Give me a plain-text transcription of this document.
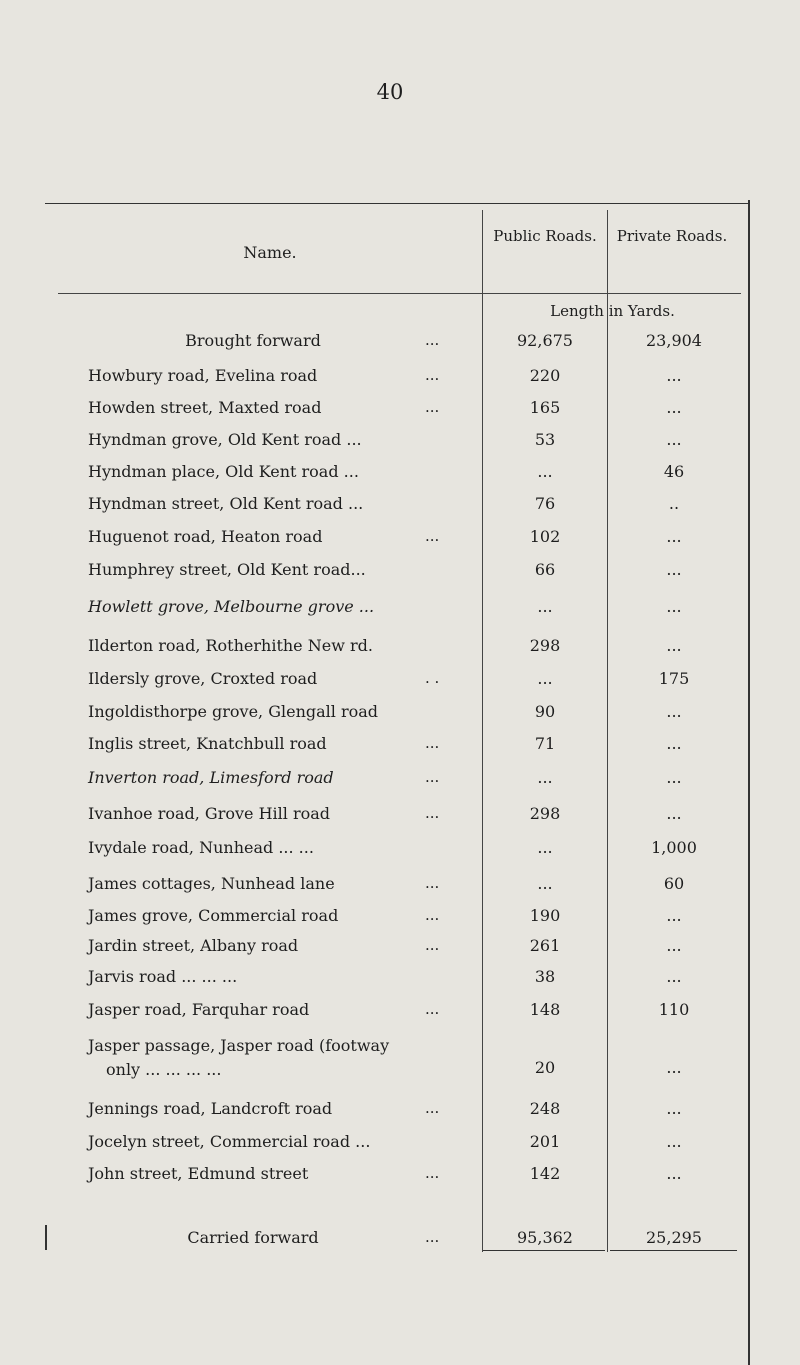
40
Name.
Public Roads.	Private Roads.
Length in Yards.
Brought forward	...	92,675	23,904
Howbury road, Evelina road	...	220	...
Howden street, Maxted road	...	165	...
Hyndman grove, Old Kent road ...	53	...
Hyndman place, Old Kent road ...	...	46
Hyndman street, Old Kent road ...	76	..
Huguenot road, Heaton road	...	102	...
Humphrey street, Old Kent road...	66	...
Howlett grove, Melbourne grove ...	...	...
Ilderton road, Rotherhithe New rd.	298	...
Ildersly grove, Croxted road	. .	...	175
Ingoldisthorpe grove, Glengall road	90	...
Inglis street, Knatchbull road	...	71	...
Inverton road, Limesford road	...	...	...
Ivanhoe road, Grove Hill road	...	298	...
Ivydale road, Nunhead ... ...	...	1,000
James cottages, Nunhead lane	...	...	60
James grove, Commercial road	...	190	...
Jardin street, Albany road	...	261	...
Jarvis road ... ... ...	38	...
Jasper road, Farquhar road	...	148	110
Jasper passage, Jasper road (footway
only ... ... ... ...	20	...
Jennings road, Landcroft road	...	248	...
Jocelyn street, Commercial road ...	201	...
John street, Edmund street	...	142	...
Carried forward	...	95,362	25,295
